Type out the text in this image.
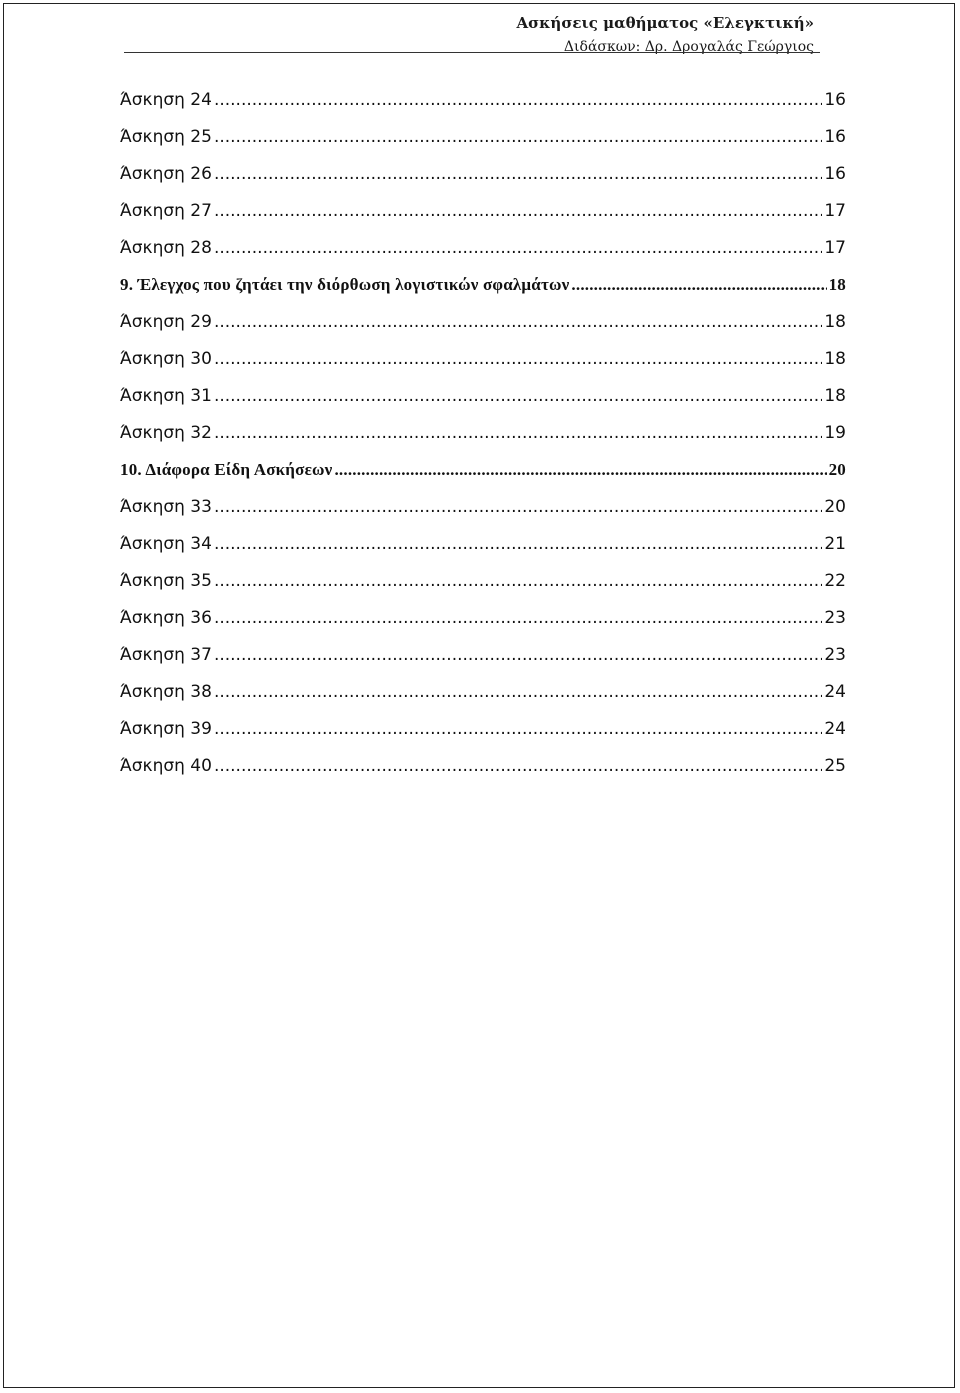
Ασκήσεις μαθήματος «Ελεγκτική»
Διδάσκων: Δρ. Δρογαλάς Γεώργιος
Άσκηση 24 .....	16
Άσκηση 25 .....	16
Άσκηση 26 .....	16
Άσκηση 27 .....	17
Άσκηση 28 .....	17
9. Έλεγχος που ζητάει την διόρθωση λογιστικών σφαλμάτων .....	18
Άσκηση 29 .....	18
Άσκηση 30 .....	18
Άσκηση 31 .....	18
Άσκηση 32 .....	19
10. Διάφορα Είδη Ασκήσεων .....	20
Άσκηση 33 .....	20
Άσκηση 34 .....	21
Άσκηση 35 .....	22
Άσκηση 36 .....	23
Άσκηση 37 .....	23
Άσκηση 38 .....	24
Άσκηση 39 .....	24
Άσκηση 40 .....	25
